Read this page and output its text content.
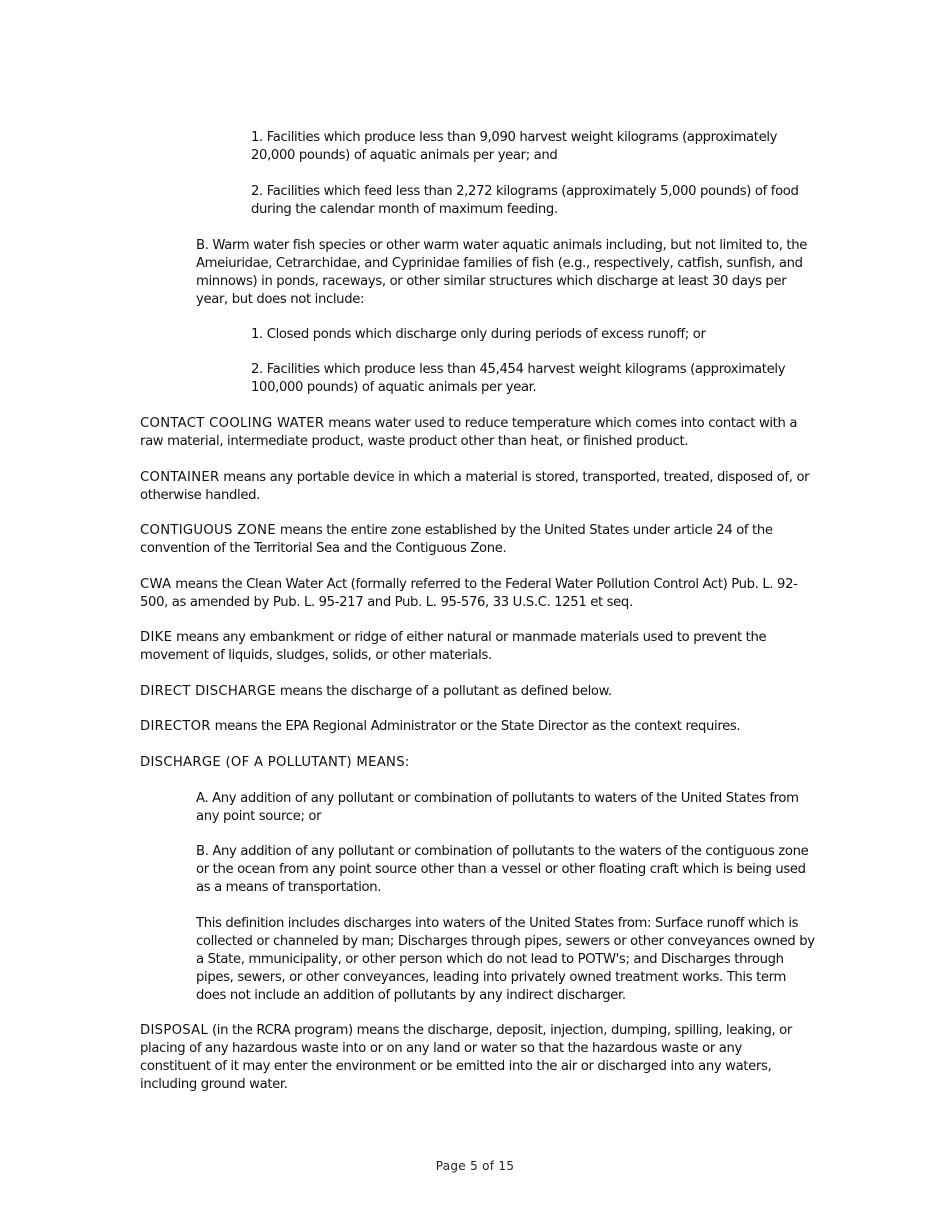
1. Facilities which produce less than 9,090 harvest weight kilograms (approximately 20,000 pounds) of aquatic animals per year; and

2. Facilities which feed less than 2,272 kilograms (approximately 5,000 pounds) of food during the calendar month of maximum feeding.

B. Warm water fish species or other warm water aquatic animals including, but not limited to, the Ameiuridae, Cetrarchidae, and Cyprinidae families of fish (e.g., respectively, catfish, sunfish, and minnows) in ponds, raceways, or other similar structures which discharge at least 30 days per year, but does not include:

1. Closed ponds which discharge only during periods of excess runoff; or

2. Facilities which produce less than 45,454 harvest weight kilograms (approximately 100,000 pounds) of aquatic animals per year.

CONTACT COOLING WATER means water used to reduce temperature which comes into contact with a raw material, intermediate product, waste product other than heat, or finished product.

CONTAINER means any portable device in which a material is stored, transported, treated, disposed of, or otherwise handled.

CONTIGUOUS ZONE means the entire zone established by the United States under article 24 of the convention of the Territorial Sea and the Contiguous Zone.

CWA means the Clean Water Act (formally referred to the Federal Water Pollution Control Act) Pub. L. 92-500, as amended by Pub. L. 95-217 and Pub. L. 95-576, 33 U.S.C. 1251 et seq.

DIKE means any embankment or ridge of either natural or manmade materials used to prevent the movement of liquids, sludges, solids, or other materials.

DIRECT DISCHARGE means the discharge of a pollutant as defined below.

DIRECTOR means the EPA Regional Administrator or the State Director as the context requires.

DISCHARGE (OF A POLLUTANT) MEANS:

A. Any addition of any pollutant or combination of pollutants to waters of the United States from any point source; or

B. Any addition of any pollutant or combination of pollutants to the waters of the contiguous zone or the ocean from any point source other than a vessel or other floating craft which is being used as a means of transportation.

This definition includes discharges into waters of the United States from: Surface runoff which is collected or channeled by man; Discharges through pipes, sewers or other conveyances owned by a State, mmunicipality, or other person which do not lead to POTW's; and Discharges through pipes, sewers, or other conveyances, leading into privately owned treatment works. This term does not include an addition of pollutants by any indirect discharger.

DISPOSAL (in the RCRA program) means the discharge, deposit, injection, dumping, spilling, leaking, or placing of any hazardous waste into or on any land or water so that the hazardous waste or any constituent of it may enter the environment or be emitted into the air or discharged into any waters, including ground water.

Page 5 of 15
